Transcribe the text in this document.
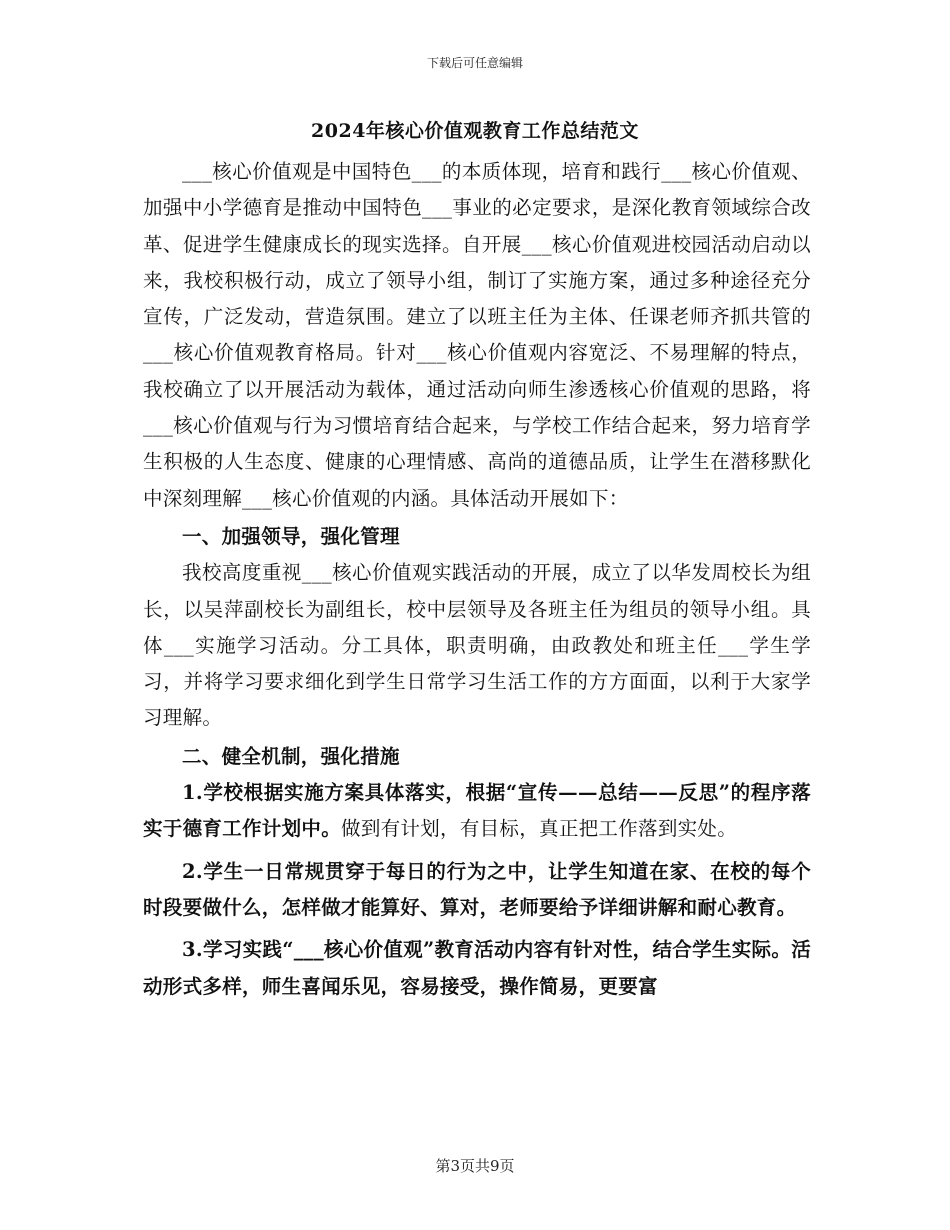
下载后可任意编辑
2024年核心价值观教育工作总结范文

___核心价值观是中国特色___的本质体现，培育和践行___核心价值观、加强中小学德育是推动中国特色___事业的必定要求，是深化教育领域综合改革、促进学生健康成长的现实选择。自开展___核心价值观进校园活动启动以来，我校积极行动，成立了领导小组，制订了实施方案，通过多种途径充分宣传，广泛发动，营造氛围。建立了以班主任为主体、任课老师齐抓共管的___核心价值观教育格局。针对___核心价值观内容宽泛、不易理解的特点，我校确立了以开展活动为载体，通过活动向师生渗透核心价值观的思路，将___核心价值观与行为习惯培育结合起来，与学校工作结合起来，努力培育学生积极的人生态度、健康的心理情感、高尚的道德品质，让学生在潜移默化中深刻理解___核心价值观的内涵。具体活动开展如下：

一、加强领导，强化管理

我校高度重视___核心价值观实践活动的开展，成立了以华发周校长为组长，以吴萍副校长为副组长，校中层领导及各班主任为组员的领导小组。具体___实施学习活动。分工具体，职责明确，由政教处和班主任___学生学习，并将学习要求细化到学生日常学习生活工作的方方面面，以利于大家学习理解。

二、健全机制，强化措施

1.学校根据实施方案具体落实，根据“宣传——总结——反思”的程序落实于德育工作计划中。做到有计划，有目标，真正把工作落到实处。

2.学生一日常规贯穿于每日的行为之中，让学生知道在家、在校的每个时段要做什么，怎样做才能算好、算对，老师要给予详细讲解和耐心教育。

3.学习实践“___核心价值观”教育活动内容有针对性，结合学生实际。活动形式多样，师生喜闻乐见，容易接受，操作简易，更要富

第3页共9页
